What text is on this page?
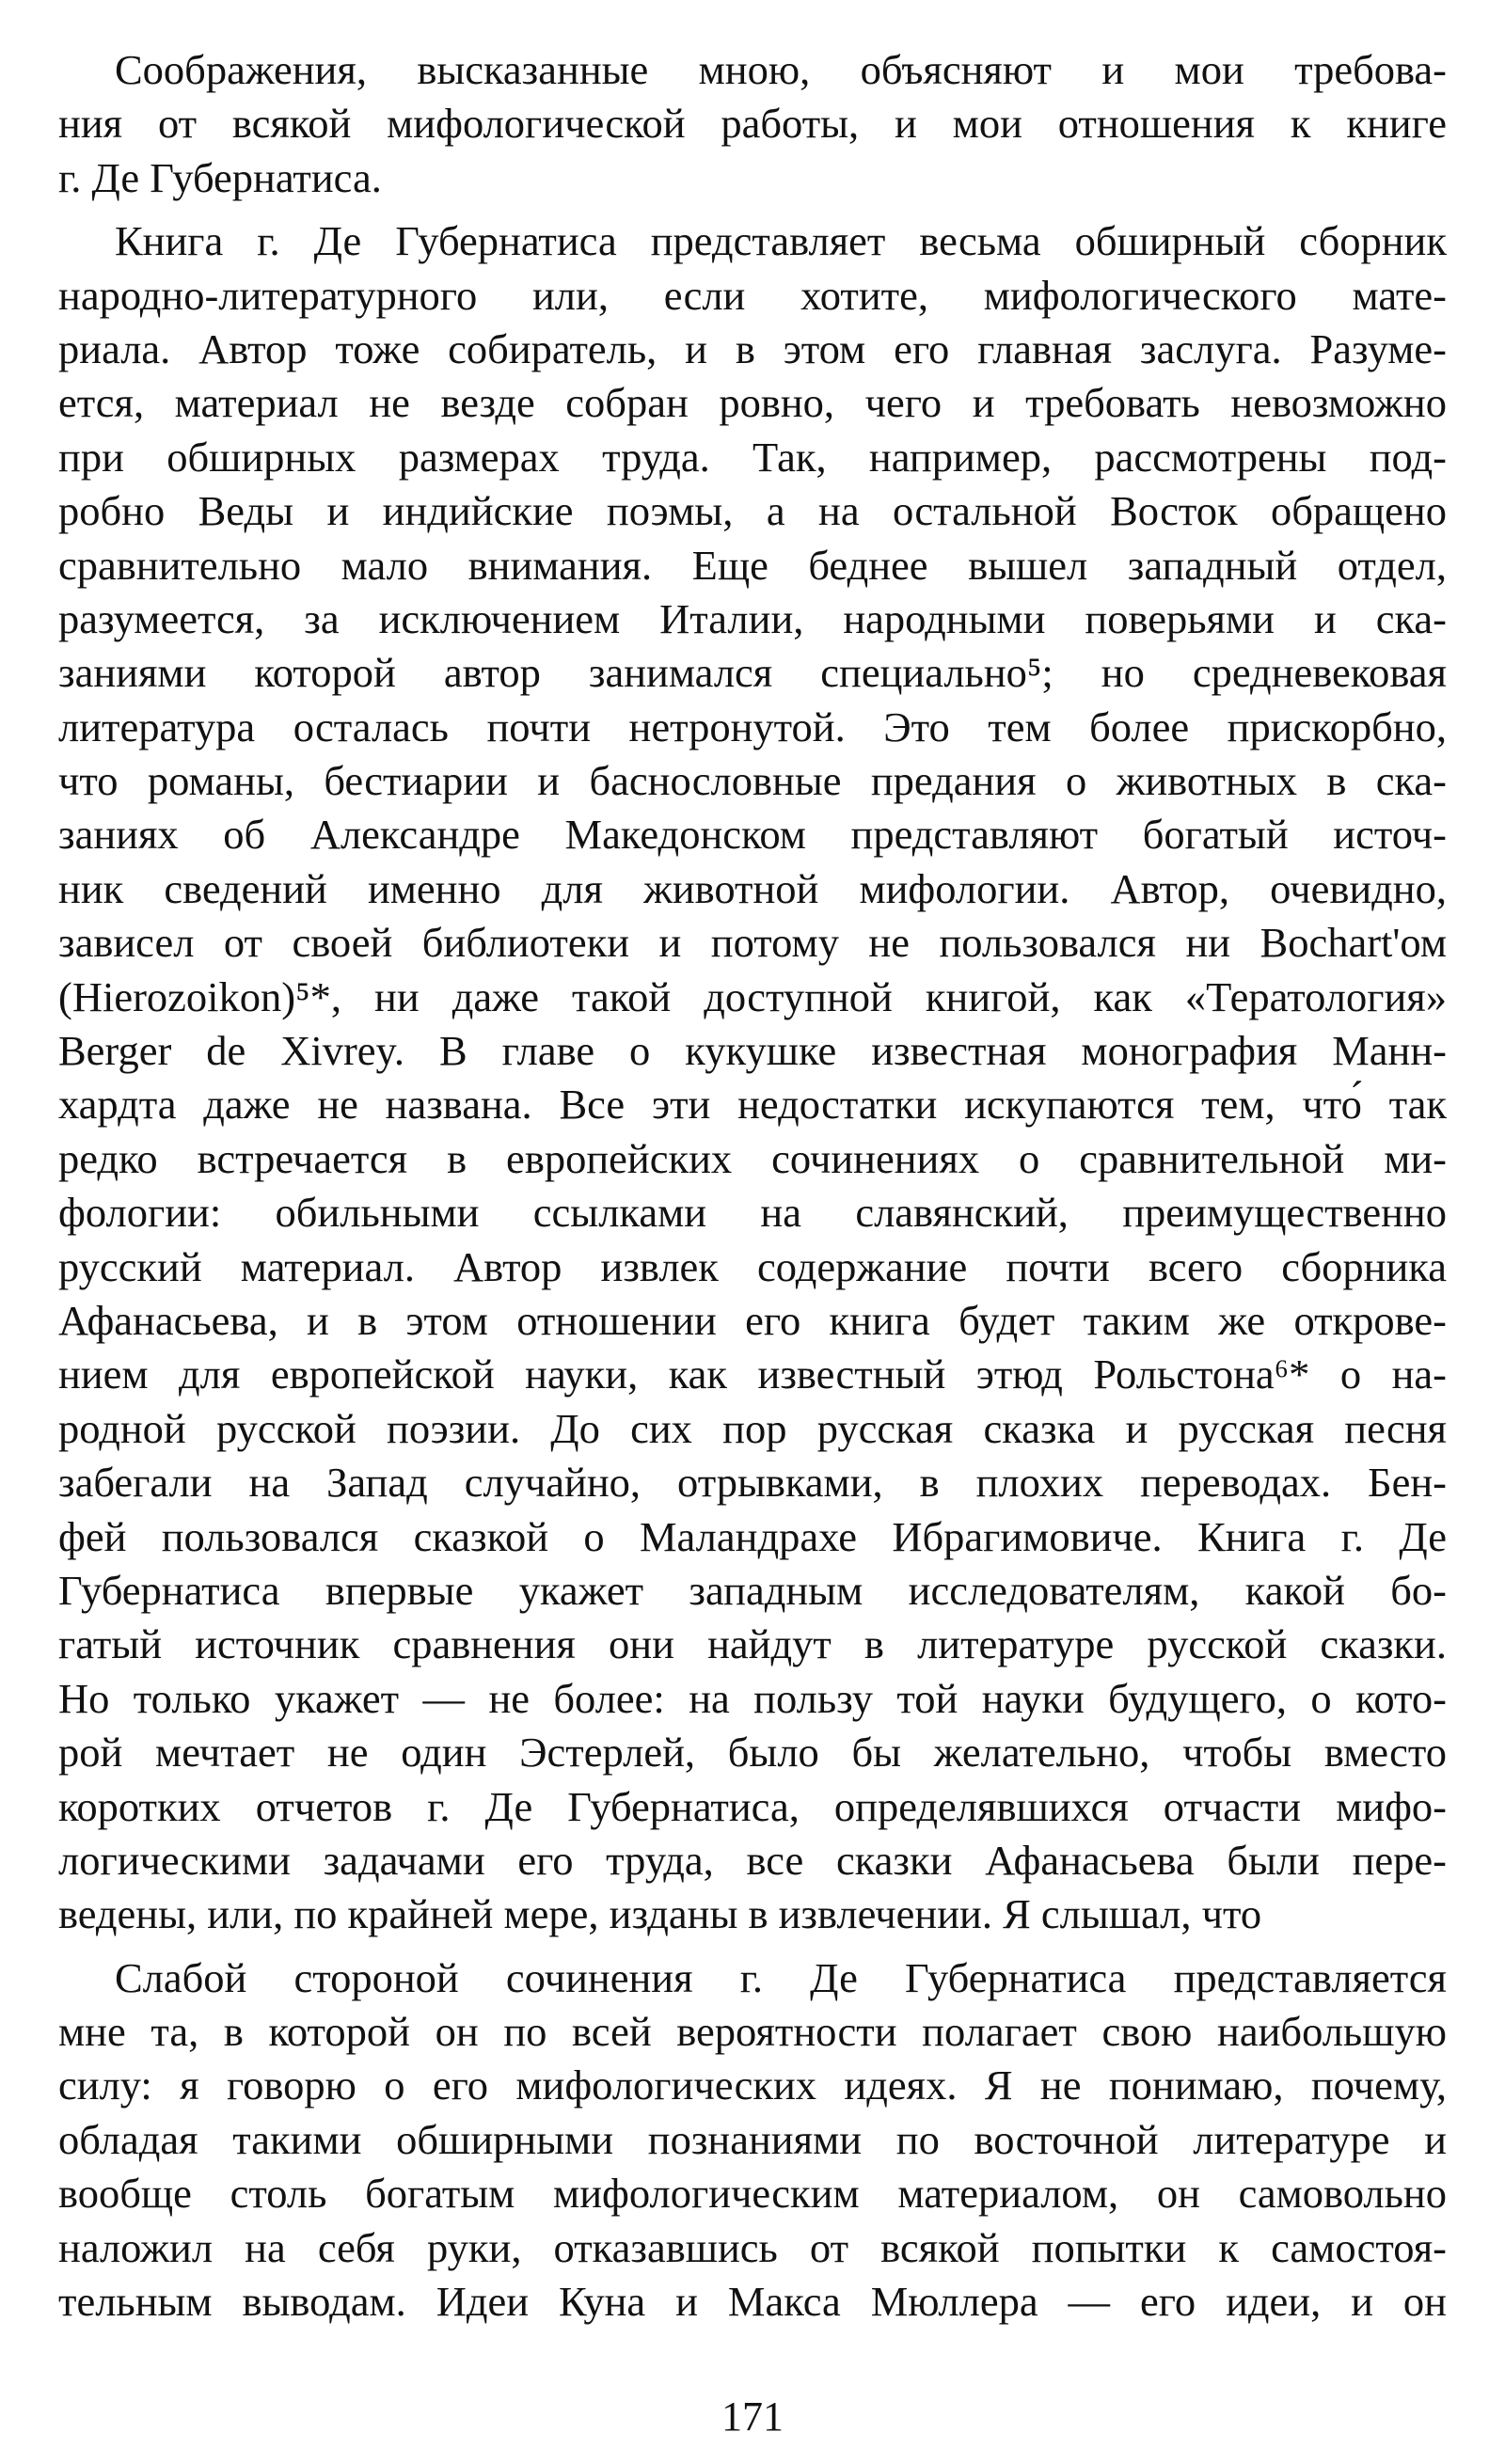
Соображения, высказанные мною, объясняют и мои требова-
ния от всякой мифологической работы, и мои отношения к книге
г. Де Губернатиса.
Книга г. Де Губернатиса представляет весьма обширный сборник
народно-литературного или, если хотите, мифологического мате-
риала. Автор тоже собиратель, и в этом его главная заслуга. Разуме-
ется, материал не везде собран ровно, чего и требовать невозможно
при обширных размерах труда. Так, например, рассмотрены под-
робно Веды и индийские поэмы, а на остальной Восток обращено
сравнительно мало внимания. Еще беднее вышел западный отдел,
разумеется, за исключением Италии, народными поверьями и ска-
заниями которой автор занимался специально⁵; но средневековая
литература осталась почти нетронутой. Это тем более прискорбно,
что романы, бестиарии и баснословные предания о животных в ска-
заниях об Александре Македонском представляют богатый источ-
ник сведений именно для животной мифологии. Автор, очевидно,
зависел от своей библиотеки и потому не пользовался ни Bochart'ом
(Hierozoikon)⁵*, ни даже такой доступной книгой, как «Тератология»
Berger de Xivrey. В главе о кукушке известная монография Манн-
хардта даже не названа. Все эти недостатки искупаются тем, что́ так
редко встречается в европейских сочинениях о сравнительной ми-
фологии: обильными ссылками на славянский, преимущественно
русский материал. Автор извлек содержание почти всего сборника
Афанасьева, и в этом отношении его книга будет таким же открове-
нием для европейской науки, как известный этюд Рольстона⁶* о на-
родной русской поэзии. До сих пор русская сказка и русская песня
забегали на Запад случайно, отрывками, в плохих переводах. Бен-
фей пользовался сказкой о Маландрахе Ибрагимовиче. Книга г. Де
Губернатиса впервые укажет западным исследователям, какой бо-
гатый источник сравнения они найдут в литературе русской сказки.
Но только укажет — не более: на пользу той науки будущего, о кото-
рой мечтает не один Эстерлей, было бы желательно, чтобы вместо
коротких отчетов г. Де Губернатиса, определявшихся отчасти мифо-
логическими задачами его труда, все сказки Афанасьева были пере-
ведены, или, по крайней мере, изданы в извлечении. Я слышал, что
Слабой стороной сочинения г. Де Губернатиса представляется
мне та, в которой он по всей вероятности полагает свою наибольшую
силу: я говорю о его мифологических идеях. Я не понимаю, почему,
обладая такими обширными познаниями по восточной литературе и
вообще столь богатым мифологическим материалом, он самовольно
наложил на себя руки, отказавшись от всякой попытки к самостоя-
тельным выводам. Идеи Куна и Макса Мюллера — его идеи, и он
171
